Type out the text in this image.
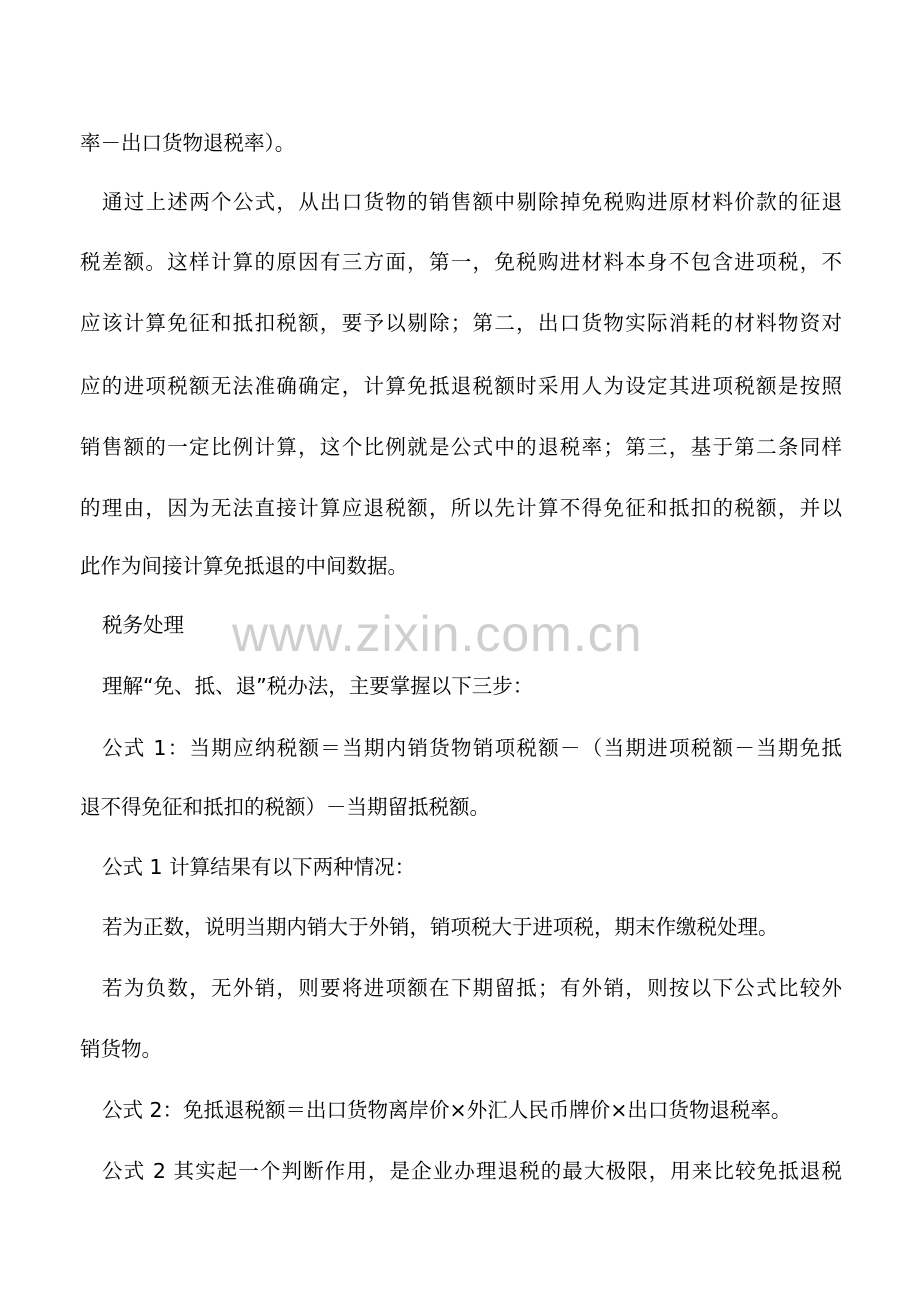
率－出口货物退税率）。
通过上述两个公式，从出口货物的销售额中剔除掉免税购进原材料价款的征退
税差额。这样计算的原因有三方面，第一，免税购进材料本身不包含进项税，不
应该计算免征和抵扣税额，要予以剔除；第二，出口货物实际消耗的材料物资对
应的进项税额无法准确确定，计算免抵退税额时采用人为设定其进项税额是按照
销售额的一定比例计算，这个比例就是公式中的退税率；第三，基于第二条同样
的理由，因为无法直接计算应退税额，所以先计算不得免征和抵扣的税额，并以
此作为间接计算免抵退的中间数据。
税务处理
理解“免、抵、退”税办法，主要掌握以下三步：
公式 1：当期应纳税额＝当期内销货物销项税额－（当期进项税额－当期免抵
退不得免征和抵扣的税额）－当期留抵税额。
公式 1 计算结果有以下两种情况：
若为正数，说明当期内销大于外销，销项税大于进项税，期末作缴税处理。
若为负数，无外销，则要将进项额在下期留抵；有外销，则按以下公式比较外
销货物。
公式 2：免抵退税额＝出口货物离岸价×外汇人民币牌价×出口货物退税率。
公式 2 其实起一个判断作用，是企业办理退税的最大极限，用来比较免抵退税
www.zixin.com.cn
